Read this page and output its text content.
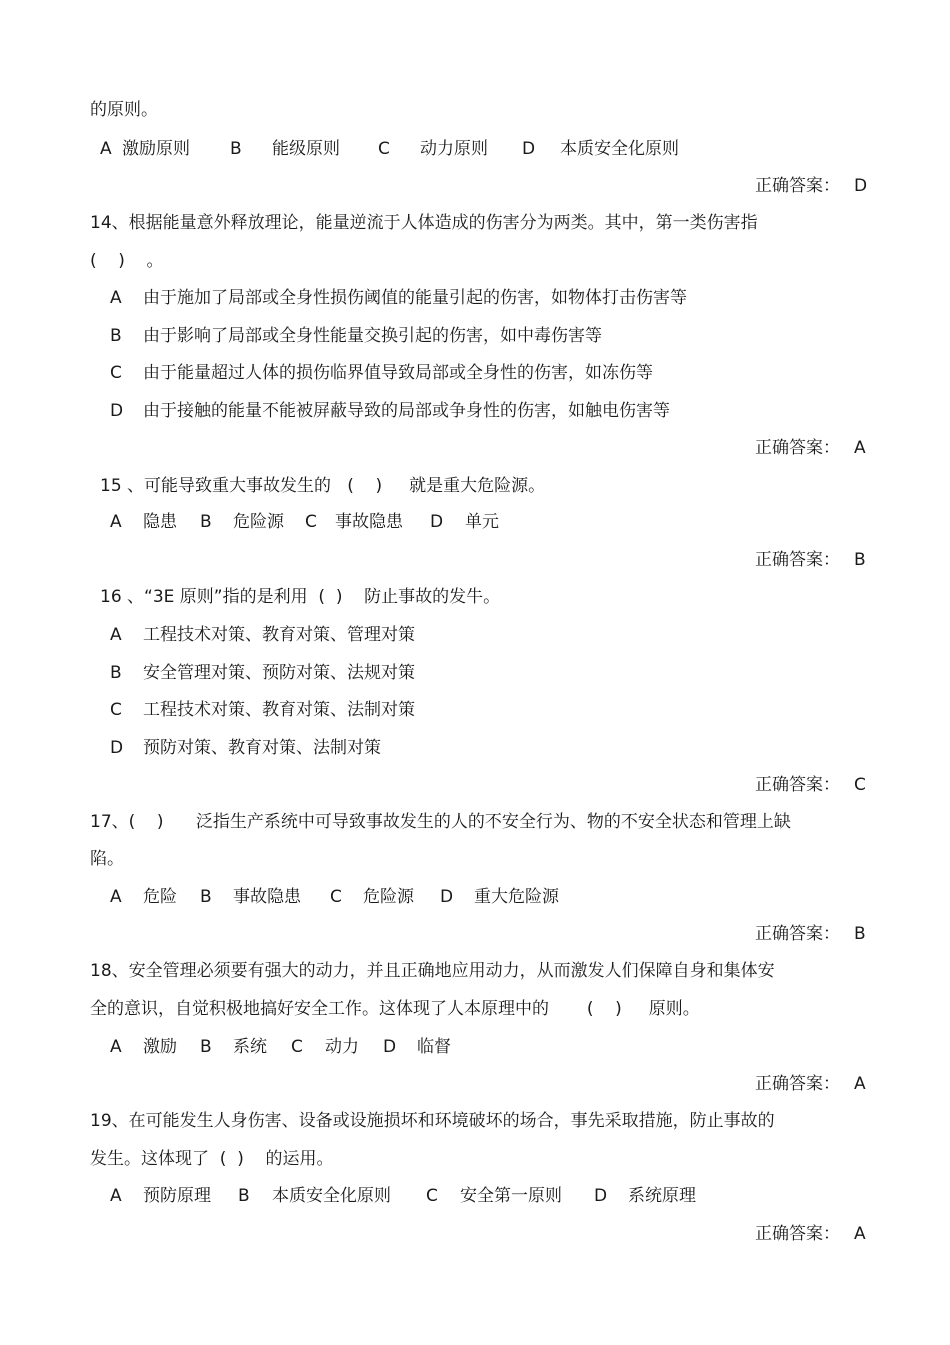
的原则。
A 激励原则 B 能级原则 C 动力原则 D 本质安全化原则
正确答案： D
14、根据能量意外释放理论，能量逆流于人体造成的伤害分为两类。其中，第一类伤害指
(    )    。
A 由于施加了局部或全身性损伤阈值的能量引起的伤害，如物体打击伤害等
B 由于影响了局部或全身性能量交换引起的伤害，如中毒伤害等
C 由于能量超过人体的损伤临界值导致局部或全身性的伤害，如冻伤等
D 由于接触的能量不能被屏蔽导致的局部或争身性的伤害，如触电伤害等
正确答案： A
15 、可能导致重大事故发生的   (    )     就是重大危险源。
A 隐患 B 危险源 C 事故隐患 D 单元
正确答案： B
16 、“3E 原则”指的是利用  (  )    防止事故的发牛。
A 工程技术对策、教育对策、管理对策
B 安全管理对策、预防对策、法规对策
C 工程技术对策、教育对策、法制对策
D 预防对策、教育对策、法制对策
正确答案： C
17、(    )      泛指生产系统中可导致事故发生的人的不安全行为、物的不安全状态和管理上缺
陷。
A 危险 B 事故隐患 C 危险源 D 重大危险源
正确答案： B
18、安全管理必须要有强大的动力，并且正确地应用动力，从而激发人们保障自身和集体安
全的意识，自觉积极地搞好安全工作。这体现了人本原理中的       (    )     原则。
A 激励 B 系统 C 动力 D 临督
正确答案： A
19、在可能发生人身伤害、设备或设施损坏和环境破坏的场合，事先采取措施，防止事故的
发生。这体现了  (  )    的运用。
A 预防原理 B 本质安全化原则 C 安全第一原则 D 系统原理
正确答案： A
